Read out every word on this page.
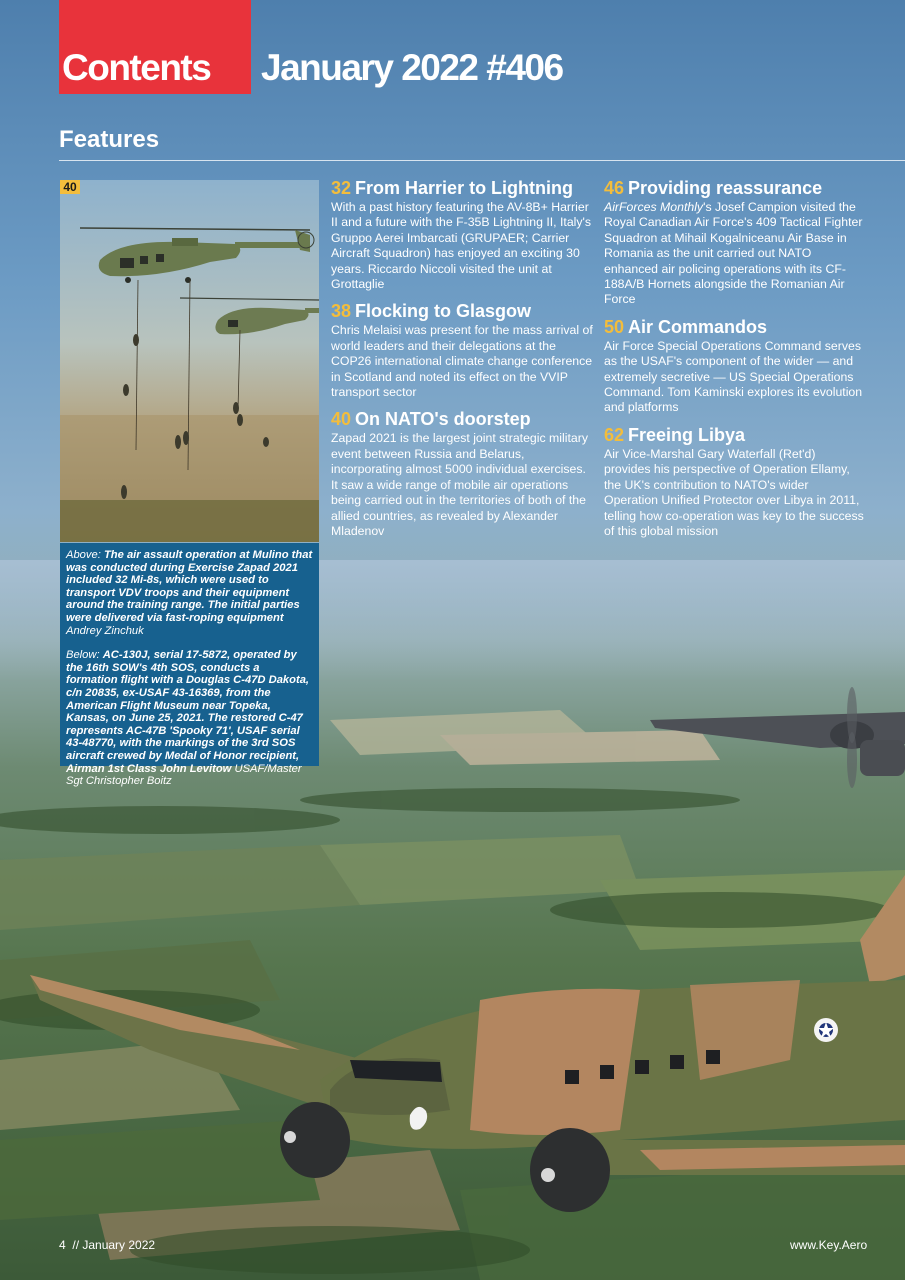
Contents January 2022 #406
Features
40

Above: The air assault operation at Mulino that was conducted during Exercise Zapad 2021 included 32 Mi-8s, which were used to transport VDV troops and their equipment around the training range. The initial parties were delivered via fast-roping equipment Andrey Zinchuk

Below: AC-130J, serial 17-5872, operated by the 16th SOW's 4th SOS, conducts a formation flight with a Douglas C-47D Dakota, c/n 20835, ex-USAF 43-16369, from the American Flight Museum near Topeka, Kansas, on June 25, 2021. The restored C-47 represents AC-47B 'Spooky 71', USAF serial 43-48770, with the markings of the 3rd SOS aircraft crewed by Medal of Honor recipient, Airman 1st Class John Levitow USAF/Master Sgt Christopher Boitz

32 From Harrier to Lightning
With a past history featuring the AV-8B+ Harrier II and a future with the F-35B Lightning II, Italy's Gruppo Aerei Imbarcati (GRUPAER; Carrier Aircraft Squadron) has enjoyed an exciting 30 years. Riccardo Niccoli visited the unit at Grottaglie
38 Flocking to Glasgow
Chris Melaisi was present for the mass arrival of world leaders and their delegations at the COP26 international climate change conference in Scotland and noted its effect on the VVIP transport sector
40 On NATO's doorstep
Zapad 2021 is the largest joint strategic military event between Russia and Belarus, incorporating almost 5000 individual exercises. It saw a wide range of mobile air operations being carried out in the territories of both of the allied countries, as revealed by Alexander Mladenov
46 Providing reassurance
AirForces Monthly's Josef Campion visited the Royal Canadian Air Force's 409 Tactical Fighter Squadron at Mihail Kogalniceanu Air Base in Romania as the unit carried out NATO enhanced air policing operations with its CF-188A/B Hornets alongside the Romanian Air Force
50 Air Commandos
Air Force Special Operations Command serves as the USAF's component of the wider — and extremely secretive — US Special Operations Command. Tom Kaminski explores its evolution and platforms
62 Freeing Libya
Air Vice-Marshal Gary Waterfall (Ret'd) provides his perspective of Operation Ellamy, the UK's contribution to NATO's wider Operation Unified Protector over Libya in 2011, telling how co-operation was key to the success of this global mission
4 // January 2022	www.Key.Aero
